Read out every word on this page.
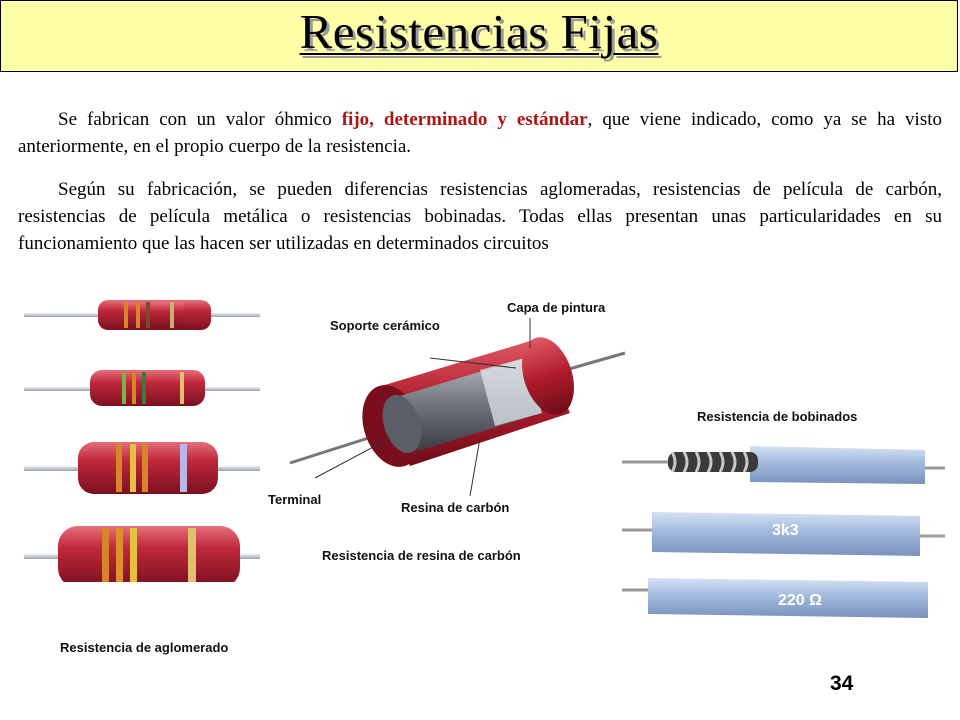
Resistencias Fijas

Se fabrican con un valor óhmico fijo, determinado y estándar, que viene indicado, como ya se ha visto anteriormente, en el propio cuerpo de la resistencia.

Según su fabricación, se pueden diferencias resistencias aglomeradas, resistencias de película de carbón, resistencias de película metálica o resistencias bobinadas. Todas ellas presentan unas particularidades en su funcionamiento que las hacen ser utilizadas en determinados circuitos

Resistencia de aglomerado
Capa de pintura
Soporte cerámico
Terminal
Resina de carbón
Resistencia de resina de carbón
Resistencia de bobinados
3k3
220 Ω
34
